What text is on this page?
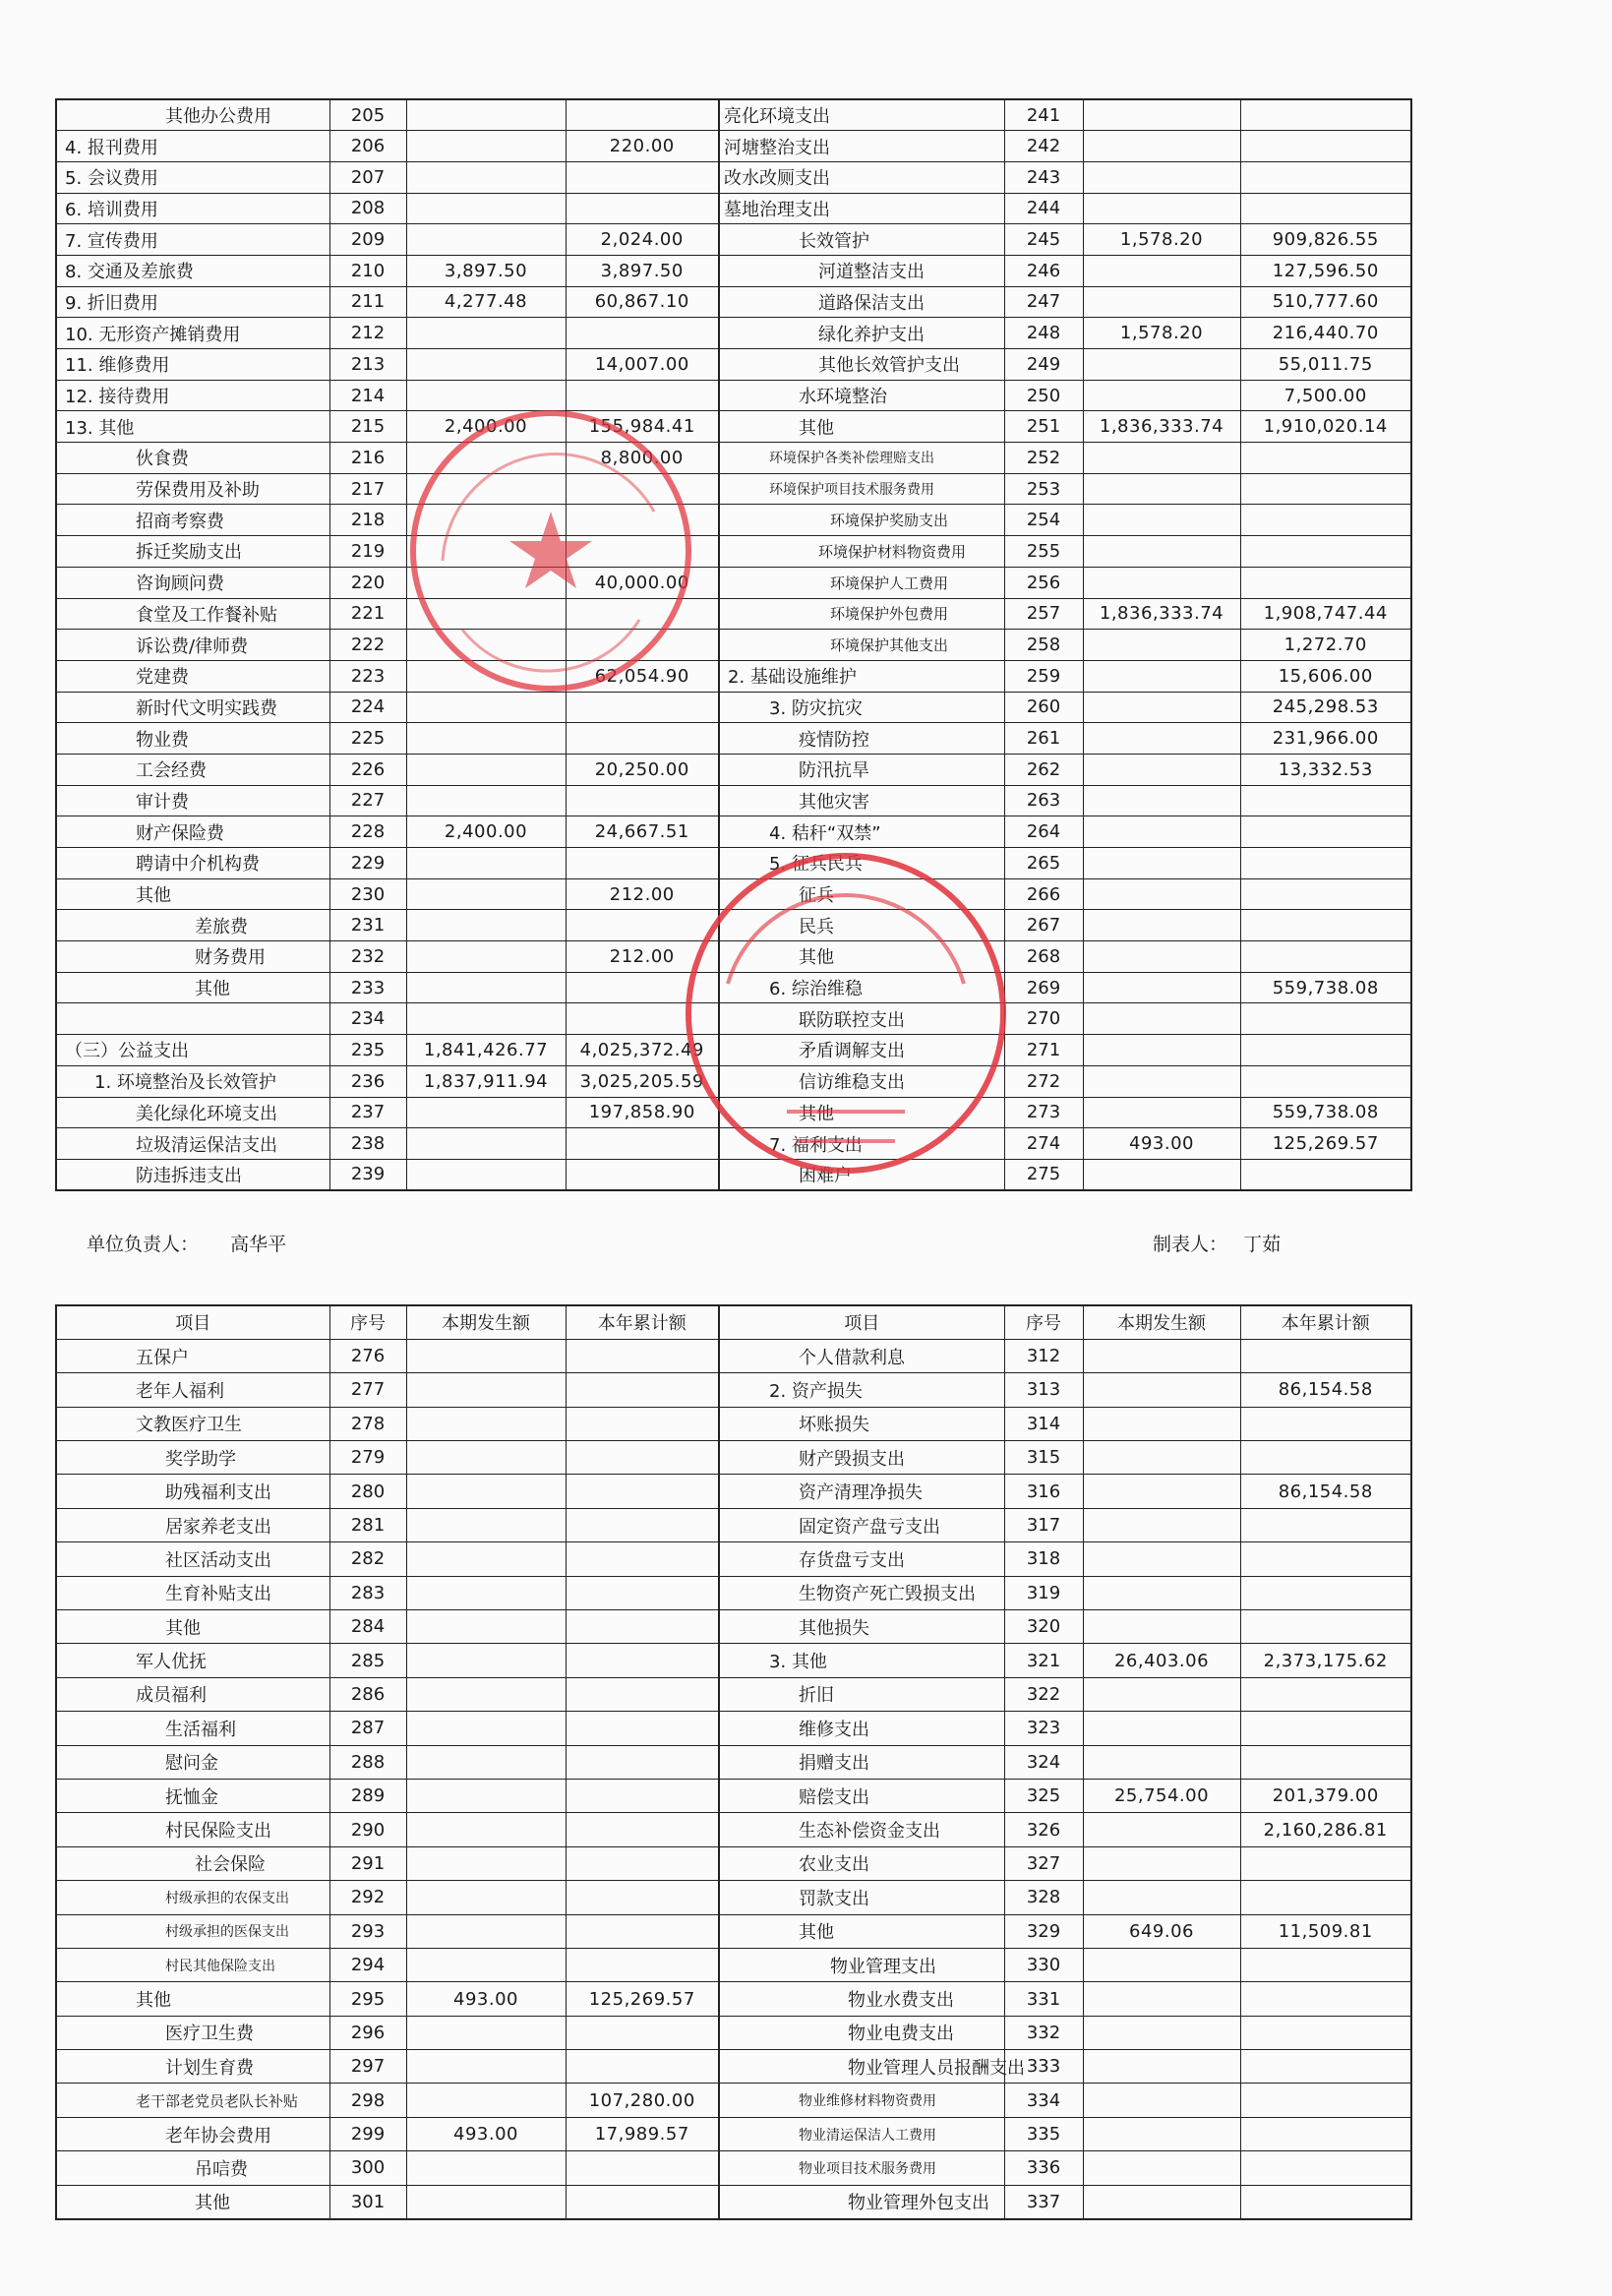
其他办公费用	205			亮化环境支出	241		
4. 报刊费用	206		220.00	河塘整治支出	242		
5. 会议费用	207			改水改厕支出	243		
6. 培训费用	208			墓地治理支出	244		
7. 宣传费用	209		2,024.00	长效管护	245	1,578.20	909,826.55
8. 交通及差旅费	210	3,897.50	3,897.50	河道整洁支出	246		127,596.50
9. 折旧费用	211	4,277.48	60,867.10	道路保洁支出	247		510,777.60
10. 无形资产摊销费用	212			绿化养护支出	248	1,578.20	216,440.70
11. 维修费用	213		14,007.00	其他长效管护支出	249		55,011.75
12. 接待费用	214			水环境整治	250		7,500.00
13. 其他	215	2,400.00	155,984.41	其他	251	1,836,333.74	1,910,020.14
伙食费	216		8,800.00	环境保护各类补偿理赔支出	252		
劳保费用及补助	217			环境保护项目技术服务费用	253		
招商考察费	218			环境保护奖励支出	254		
拆迁奖励支出	219			环境保护材料物资费用	255		
咨询顾问费	220		40,000.00	环境保护人工费用	256		
食堂及工作餐补贴	221			环境保护外包费用	257	1,836,333.74	1,908,747.44
诉讼费/律师费	222			环境保护其他支出	258		1,272.70
党建费	223		62,054.90	2. 基础设施维护	259		15,606.00
新时代文明实践费	224			3. 防灾抗灾	260		245,298.53
物业费	225			疫情防控	261		231,966.00
工会经费	226		20,250.00	防汛抗旱	262		13,332.53
审计费	227			其他灾害	263		
财产保险费	228	2,400.00	24,667.51	4. 秸秆“双禁”	264		
聘请中介机构费	229			5. 征兵民兵	265		
其他	230		212.00	征兵	266		
差旅费	231			民兵	267		
财务费用	232		212.00	其他	268		
其他	233			6. 综治维稳	269		559,738.08
	234			联防联控支出	270		
（三）公益支出	235	1,841,426.77	4,025,372.49	矛盾调解支出	271		
1. 环境整治及长效管护	236	1,837,911.94	3,025,205.59	信访维稳支出	272		
美化绿化环境支出	237		197,858.90	其他	273		559,738.08
垃圾清运保洁支出	238			7. 福利支出	274	493.00	125,269.57
防违拆违支出	239			困难户	275		
单位负责人： 高华平	制表人： 丁茹
项目	序号	本期发生额	本年累计额	项目	序号	本期发生额	本年累计额
五保户	276			个人借款利息	312		
老年人福利	277			2. 资产损失	313		86,154.58
文教医疗卫生	278			坏账损失	314		
奖学助学	279			财产毁损支出	315		
助残福利支出	280			资产清理净损失	316		86,154.58
居家养老支出	281			固定资产盘亏支出	317		
社区活动支出	282			存货盘亏支出	318		
生育补贴支出	283			生物资产死亡毁损支出	319		
其他	284			其他损失	320		
军人优抚	285			3. 其他	321	26,403.06	2,373,175.62
成员福利	286			折旧	322		
生活福利	287			维修支出	323		
慰问金	288			捐赠支出	324		
抚恤金	289			赔偿支出	325	25,754.00	201,379.00
村民保险支出	290			生态补偿资金支出	326		2,160,286.81
社会保险	291			农业支出	327		
村级承担的农保支出	292			罚款支出	328		
村级承担的医保支出	293			其他	329	649.06	11,509.81
村民其他保险支出	294			物业管理支出	330		
其他	295	493.00	125,269.57	物业水费支出	331		
医疗卫生费	296			物业电费支出	332		
计划生育费	297			物业管理人员报酬支出	333		
老干部老党员老队长补贴	298		107,280.00	物业维修材料物资费用	334		
老年协会费用	299	493.00	17,989.57	物业清运保洁人工费用	335		
吊唁费	300			物业项目技术服务费用	336		
其他	301			物业管理外包支出	337		
